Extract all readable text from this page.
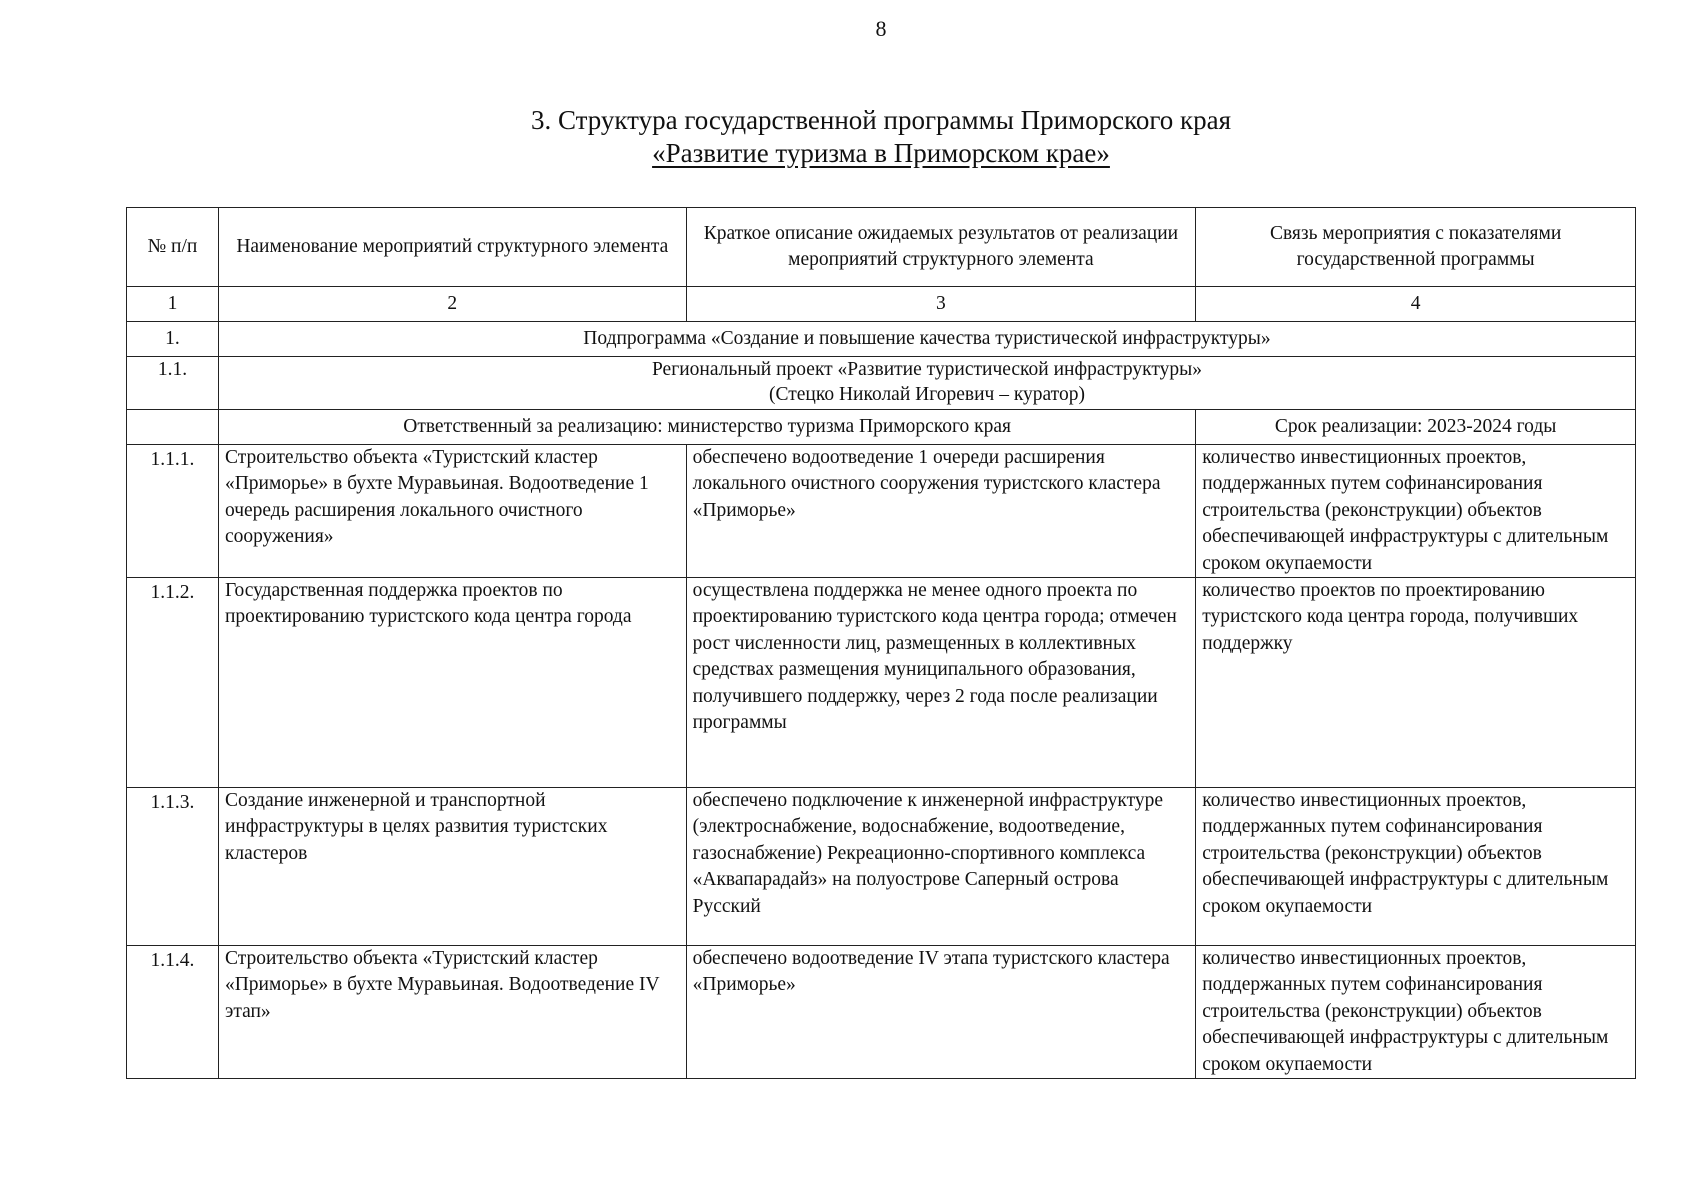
8
3. Структура государственной программы Приморского края
«Развитие туризма в Приморском крае»
№ п/п	Наименование мероприятий структурного элемента	Краткое описание ожидаемых результатов от реализации мероприятий структурного элемента	Связь мероприятия с показателями государственной программы
1	2	3	4
1.	Подпрограмма «Создание и повышение качества туристической инфраструктуры»		
1.1.	Региональный проект «Развитие туристической инфраструктуры»
(Стецко Николай Игоревич – куратор)		

	Ответственный за реализацию: министерство туризма Приморского края		Срок реализации: 2023-2024 годы
1.1.1.	Строительство объекта «Туристский кластер «Приморье» в бухте Муравьиная. Водоотведение 1 очередь расширения локального очистного сооружения»	обеспечено водоотведение 1 очереди расширения локального очистного сооружения туристского кластера «Приморье»	количество инвестиционных проектов, поддержанных путем софинансирования строительства (реконструкции) объектов обеспечивающей инфраструктуры с длительным сроком окупаемости
1.1.2.	Государственная поддержка проектов по проектированию туристского кода центра города	осуществлена поддержка не менее одного проекта по проектированию туристского кода центра города; отмечен рост численности лиц, размещенных в коллективных средствах размещения муниципального образования, получившего поддержку, через 2 года после реализации программы	количество проектов по проектированию туристского кода центра города, получивших поддержку
1.1.3.	Создание инженерной и транспортной инфраструктуры в целях развития туристских кластеров	обеспечено подключение к инженерной инфраструктуре (электроснабжение, водоснабжение, водоотведение, газоснабжение) Рекреационно-спортивного комплекса «Аквапарадайз» на полуострове Саперный острова Русский	количество инвестиционных проектов, поддержанных путем софинансирования строительства (реконструкции) объектов обеспечивающей инфраструктуры с длительным сроком окупаемости
1.1.4.	Строительство объекта «Туристский кластер «Приморье» в бухте Муравьиная. Водоотведение IV этап»	обеспечено водоотведение IV этапа туристского кластера «Приморье»	количество инвестиционных проектов, поддержанных путем софинансирования строительства (реконструкции) объектов обеспечивающей инфраструктуры с длительным сроком окупаемости
